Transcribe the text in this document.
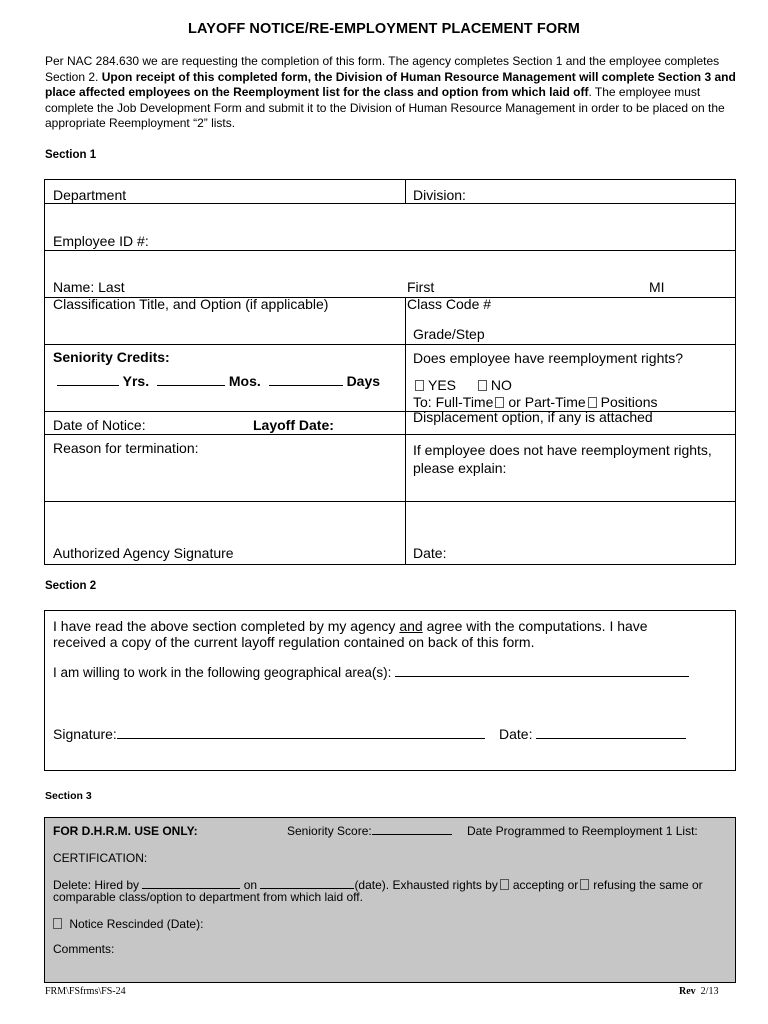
LAYOFF NOTICE/RE-EMPLOYMENT PLACEMENT FORM
Per NAC 284.630 we are requesting the completion of this form. The agency completes Section 1 and the employee completes Section 2. Upon receipt of this completed form, the Division of Human Resource Management will complete Section 3 and place affected employees on the Reemployment list for the class and option from which laid off. The employee must complete the Job Development Form and submit it to the Division of Human Resource Management in order to be placed on the appropriate Reemployment “2” lists.
Section 1
Department	Division:
Employee ID #:
Name: Last	First	MI
Classification Title, and Option (if applicable)	Class Code #
Grade/Step
Seniority Credits:
Yrs.	Mos.	Days
Does employee have reemployment rights?
YES NO
To: Full-Time or Part-Time Positions
Date of Notice:	Layoff Date:	Displacement option, if any is attached
Reason for termination:	If employee does not have reemployment rights,
please explain:
Authorized Agency Signature	Date:
Section 2
I have read the above section completed by my agency and agree with the computations. I have
received a copy of the current layoff regulation contained on back of this form.
I am willing to work in the following geographical area(s):
Signature:	Date:
Section 3
FOR D.H.R.M. USE ONLY:	Seniority Score:	Date Programmed to Reemployment 1 List:
CERTIFICATION:
Delete: Hired by	on	(date). Exhausted rights by accepting or refusing the same or
comparable class/option to department from which laid off.
Notice Rescinded (Date):
Comments:
FRM\FSfrms\FS-24	Rev 2/13
